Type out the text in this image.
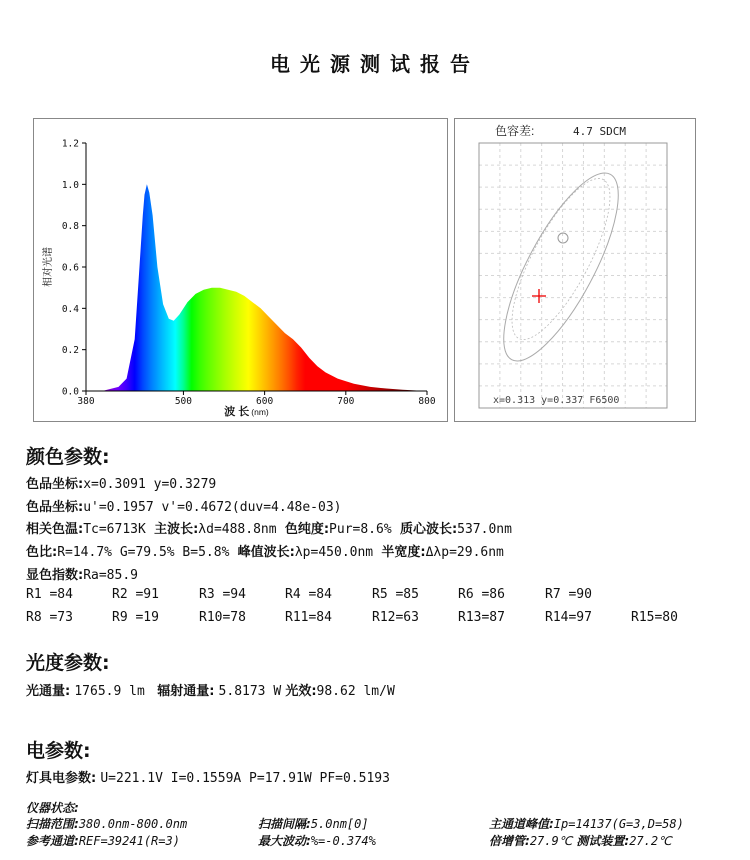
电光源测试报告
0.0
0.2
0.4
0.6
0.8
1.0
1.2
380	500	600	700	800
波 长 (nm)
相对光谱
色容差:	4.7 SDCM
x=0.313 y=0.337 F6500
颜色参数:
色品坐标:x=0.3091 y=0.3279
色品坐标:u'=0.1957 v'=0.4672(duv=4.48e-03)
相关色温:Tc=6713K 主波长:λd=488.8nm 色纯度:Pur=8.6% 质心波长:537.0nm
色比:R=14.7% G=79.5% B=5.8% 峰值波长:λp=450.0nm 半宽度:Δλp=29.6nm
显色指数:Ra=85.9
R1 =84	R2 =91	R3 =94	R4 =84	R5 =85	R6 =86	R7 =90
R8 =73	R9 =19	R10=78	R11=84	R12=63	R13=87	R14=97	R15=80
光度参数:
光通量: 1765.9 lm 辐射通量: 5.8173 W 光效:98.62 lm/W
电参数:
灯具电参数: U=221.1V I=0.1559A P=17.91W PF=0.5193
仪器状态:
扫描范围:380.0nm-800.0nm	扫描间隔:5.0nm[0]	主通道峰值:Ip=14137(G=3,D=58)
参考通道:REF=39241(R=3)	最大波动:%=-0.374%	倍增管:27.9℃ 测试装置:27.2℃
